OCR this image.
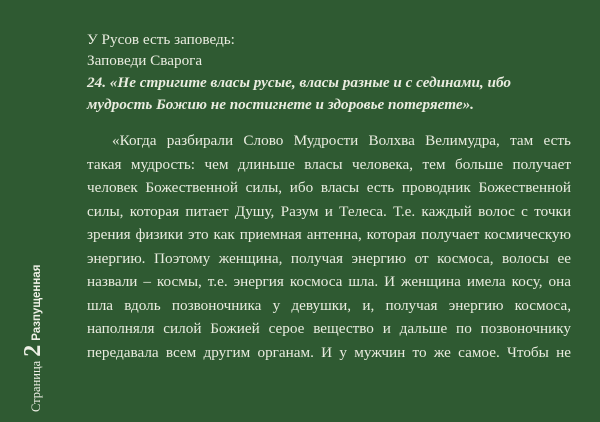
У Русов есть заповедь:
Заповеди Сварога
24. «Не стригите власы русые, власы разные и с сединами, ибо
мудрость Божию не постигнете и здоровье потеряете».
«Когда разбирали Слово Мудрости Волхва Велимудра, там есть
такая мудрость: чем длиньше власы человека, тем больше получает
человек Божественной силы, ибо власы есть проводник Божественной
силы, которая питает Душу, Разум и Телеса. Т.е. каждый волос с точки
зрения физики это как приемная антенна, которая получает космическую
энергию. Поэтому женщина, получая энергию от космоса, волосы ее
назвали – космы, т.е. энергия космоса шла. И женщина имела косу, она
шла вдоль позвоночника у девушки, и, получая энергию космоса,
наполняля силой Божией серое вещество и дальше по позвоночнику
передавала всем другим органам. И у мужчин то же самое. Чтобы не
Страница
2
Разпущенная
